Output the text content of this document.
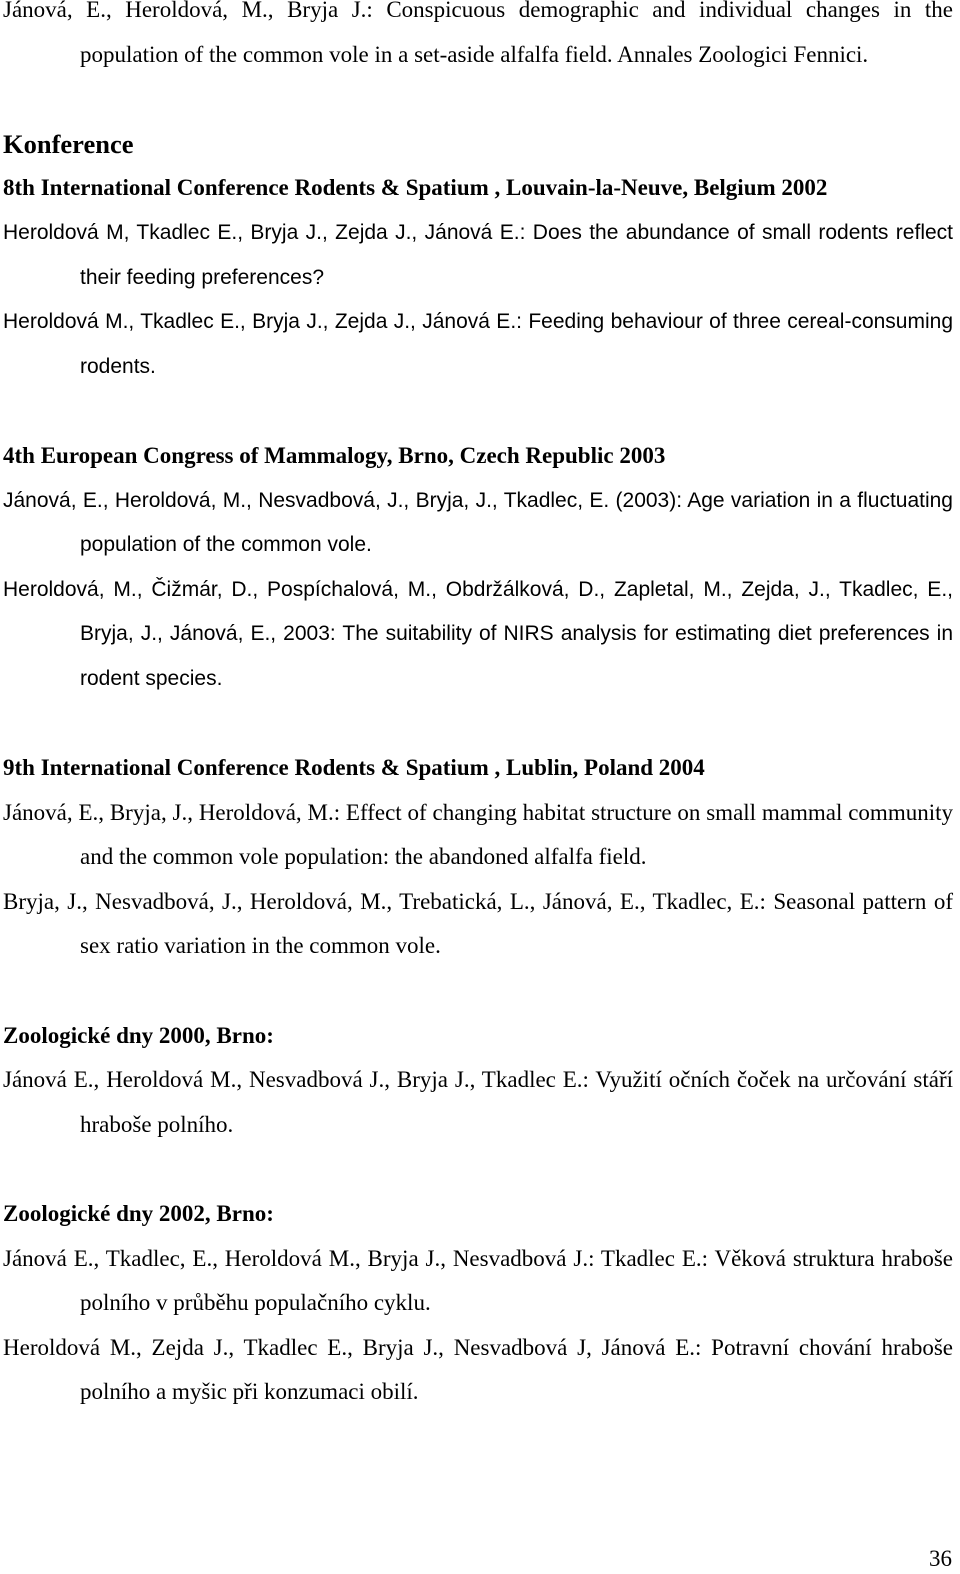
Jánová, E., Heroldová, M., Bryja J.: Conspicuous demographic and individual changes in the population of the common vole in a set-aside alfalfa field. Annales Zoologici Fennici.

Konference

8th International Conference Rodents & Spatium , Louvain-la-Neuve, Belgium 2002

Heroldová M, Tkadlec E., Bryja J., Zejda J., Jánová E.: Does the abundance of small rodents reflect their feeding preferences?

Heroldová M., Tkadlec E., Bryja J., Zejda J., Jánová E.: Feeding behaviour of three cereal-consuming rodents.

4th European Congress of Mammalogy, Brno, Czech Republic 2003

Jánová, E., Heroldová, M., Nesvadbová, J., Bryja, J., Tkadlec, E. (2003): Age variation in a fluctuating population of the common vole.

Heroldová, M., Čižmár, D., Pospíchalová, M., Obdržálková, D., Zapletal, M., Zejda, J., Tkadlec, E., Bryja, J., Jánová, E., 2003: The suitability of NIRS analysis for estimating diet preferences in rodent species.

9th International Conference Rodents & Spatium , Lublin, Poland 2004

Jánová, E., Bryja, J., Heroldová, M.: Effect of changing habitat structure on small mammal community and the common vole population: the abandoned alfalfa field.

Bryja, J., Nesvadbová, J., Heroldová, M., Trebatická, L., Jánová, E., Tkadlec, E.: Seasonal pattern of sex ratio variation in the common vole.

Zoologické dny 2000, Brno:

Jánová E., Heroldová M., Nesvadbová J., Bryja J., Tkadlec E.: Využití očních čoček na určování stáří hraboše polního.

Zoologické dny 2002, Brno:

Jánová E., Tkadlec, E., Heroldová M., Bryja J., Nesvadbová J.: Tkadlec E.: Věková struktura hraboše polního v průběhu populačního cyklu.

Heroldová M., Zejda J., Tkadlec E., Bryja J., Nesvadbová J, Jánová E.: Potravní chování hraboše polního a myšic při konzumaci obilí.

36
